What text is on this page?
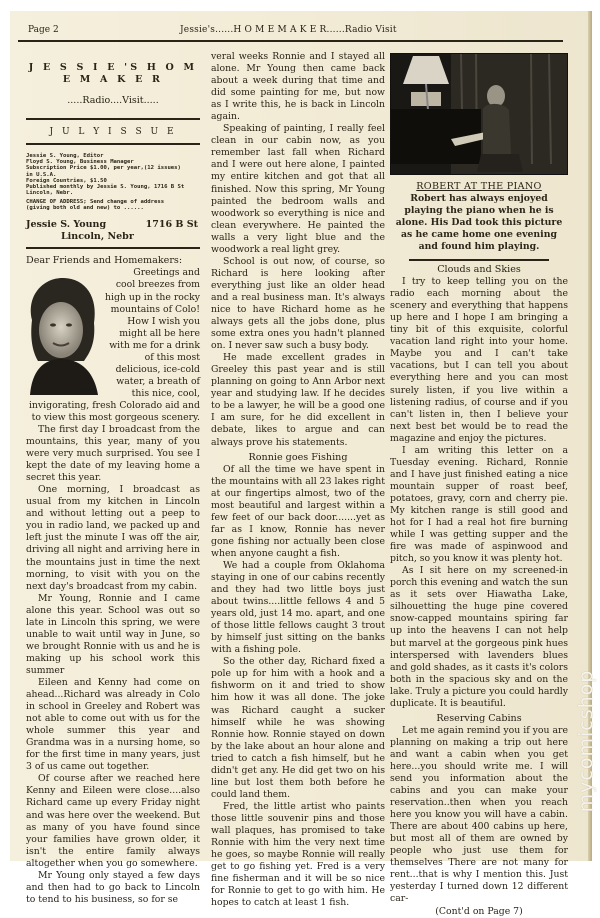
Page 2	Jessie's......H O M E M A K E R......Radio Visit
J E S S I E 'S H O M E M A K E R
.....Radio....Visit.....
J U L Y I S S U E
Jessie S. Young, Editor
Floyd S. Young, Business Manager
Subscription Price $1.00, per year,(12 issues)
in U.S.A.
Foreign Countries, $1.50
Published monthly by Jessie S. Young, 1716 B St
Lincoln, Nebr.
CHANGE OF ADDRESS; Send change of address
(giving both old and new) to ......
Jessie S. Young	1716 B St
Lincoln, Nebr
Dear Friends and Homemakers:

Greetings and cool breezes from high up in the rocky mountains of Colo! How I wish you might all be here with me for a drink of this most delicious, ice-cold water, a breath of this nice, cool, invigorating, fresh Colorado aid and to view this most gorgeous scenery.

The first day I broadcast from the mountains, this year, many of you were very much surprised. You see I kept the date of my leaving home a secret this year.

One morning, I broadcast as usual from my kitchen in Lincoln and without letting out a peep to you in radio land, we packed up and left just the minute I was off the air, driving all night and arriving here in the mountains just in time the next morning, to visit with you on the next day's broadcast from my cabin.

Mr Young, Ronnie and I came alone this year. School was out so late in Lincoln this spring, we were unable to wait until way in June, so we brought Ronnie with us and he is making up his school work this summer

Eileen and Kenny had come on ahead...Richard was already in Colo in school in Greeley and Robert was not able to come out with us for the whole summer this year and Grandma was in a nursing home, so for the first time in many years, just 3 of us came out together.

Of course after we reached here Kenny and Eileen were close....also Richard came up every Friday night and was here over the weekend. But as many of you have found since your families have grown older, it isn't the entire family always altogether when you go somewhere.

Mr Young only stayed a few days and then had to go back to Lincoln to tend to his business, so for se

veral weeks Ronnie and I stayed all alone. Mr Young then came back about a week during that time and did some painting for me, but now as I write this, he is back in Lincoln again.

Speaking of painting, I really feel clean in our cabin now, as you remember last fall when Richard and I were out here alone, I painted my entire kitchen and got that all finished. Now this spring, Mr Young painted the bedroom walls and woodwork so everything is nice and clean everywhere. He painted the walls a very light blue and the woodwork a real light grey.

School is out now, of course, so Richard is here looking after everything just like an older head and a real business man. It's always nice to have Richard home as he always gets all the jobs done, plus some extra ones you hadn't planned on. I never saw such a busy body.

He made excellent grades in Greeley this past year and is still planning on going to Ann Arbor next year and studying law. If he decides to be a lawyer, he will be a good one I am sure, for he did excellent in debate, likes to argue and can always prove his statements.

Ronnie goes Fishing

Of all the time we have spent in the mountains with all 23 lakes right at our fingertips almost, two of the most beautiful and largest within a few feet of our back door.......yet as far as I know, Ronnie has never gone fishing nor actually been close when anyone caught a fish.

We had a couple from Oklahoma staying in one of our cabins recently and they had two little boys just about twins....little fellows 4 and 5 years old, just 14 mo. apart, and one of those little fellows caught 3 trout by himself just sitting on the banks with a fishing pole.

So the other day, Richard fixed a pole up for him with a hook and a fishworm on it and tried to show him how it was all done. The joke was Richard caught a sucker himself while he was showing Ronnie how. Ronnie stayed on down by the lake about an hour alone and tried to catch a fish himself, but he didn't get any. He did get two on his line but lost them both before he could land them.

Fred, the little artist who paints those little souvenir pins and those wall plaques, has promised to take Ronnie with him the very next time he goes, so maybe Ronnie will really get to go fishing yet. Fred is a very fine fisherman and it will be so nice for Ronnie to get to go with him. He hopes to catch at least 1 fish.

ROBERT AT THE PIANO
Robert has always enjoyed playing the piano when he is alone. His Dad took this picture as he came home one evening and found him playing.
Clouds and Skies

I try to keep telling you on the radio each morning about the scenery and everything that happens up here and I hope I am bringing a tiny bit of this exquisite, colorful vacation land right into your home. Maybe you and I can't take vacations, but I can tell you about everything here and you can most surely listen, if you live within a listening radius, of course and if you can't listen in, then I believe your next best bet would be to read the magazine and enjoy the pictures.

I am writing this letter on a Tuesday evening. Richard, Ronnie and I have just finished eating a nice mountain supper of roast beef, potatoes, gravy, corn and cherry pie. My kitchen range is still good and hot for I had a real hot fire burning while I was getting supper and the fire was made of aspinwood and pitch, so you know it was plenty hot.

As I sit here on my screened-in porch this evening and watch the sun as it sets over Hiawatha Lake, silhouetting the huge pine covered snow-capped mountains spiring far up into the heavens I can not help but marvel at the gorgeous pink hues interspersed with lavenders blues and gold shades, as it casts it's colors both in the spacious sky and on the lake. Truly a picture you could hardly duplicate. It is beautiful.

Reserving Cabins

Let me again remind you if you are planning on making a trip out here and want a cabin when you get here...you should write me. I will send you information about the cabins and you can make your reservation..then when you reach here you know you will have a cabin. There are about 400 cabins up here, but most all of them are owned by people who just use them for themselves There are not many for rent...that is why I mention this. Just yesterday I turned down 12 different car-

(Cont'd on Page 7)
mycomicshop
